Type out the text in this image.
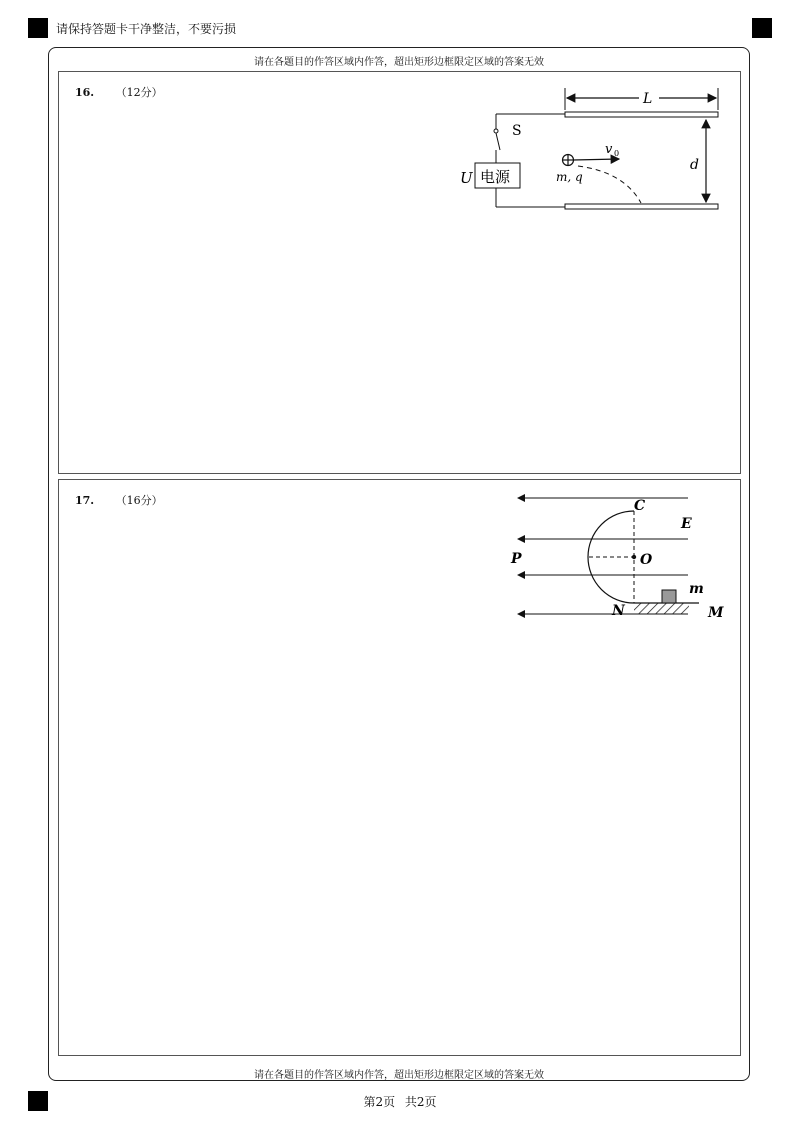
请保持答题卡干净整洁，不要污损
请在各题目的作答区域内作答，超出矩形边框限定区域的答案无效
请在各题目的作答区域内作答，超出矩形边框限定区域的答案无效
16. （12分）	L
d
S
电源
U
v 0
m, q
17. （16分）	C
E
P	O
m
N	M
第2页 共2页
